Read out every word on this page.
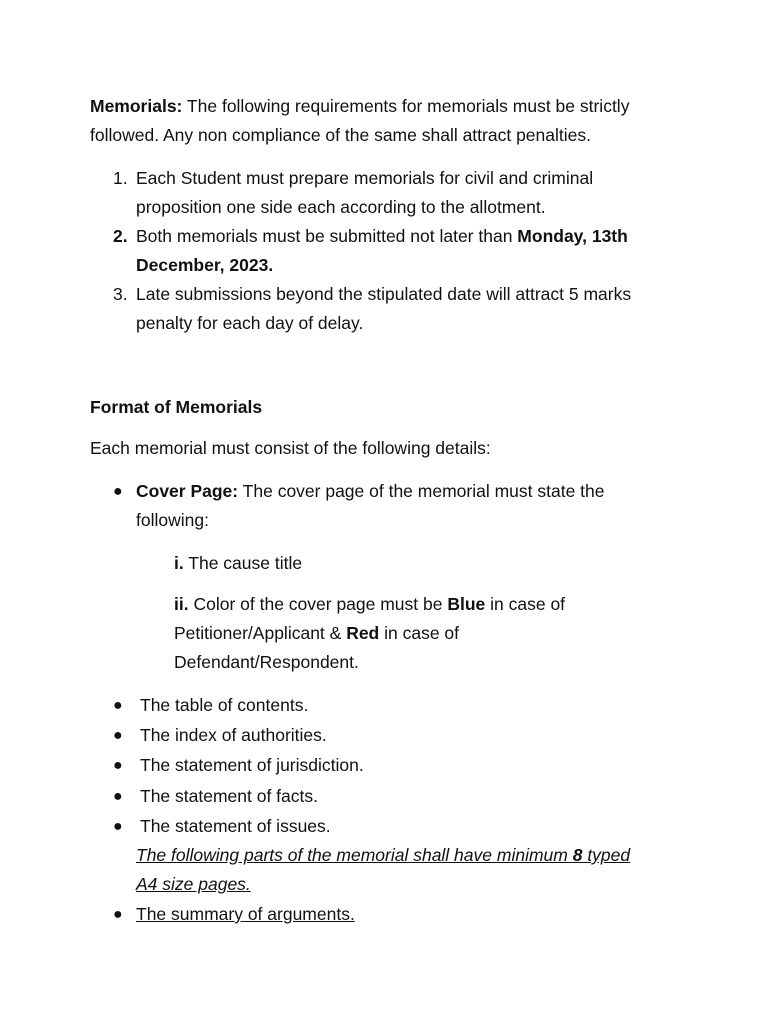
Memorials: The following requirements for memorials must be strictly
followed. Any non compliance of the same shall attract penalties.
1. Each Student must prepare memorials for civil and criminal
proposition one side each according to the allotment.
2. Both memorials must be submitted not later than Monday, 13th
December, 2023.
3. Late submissions beyond the stipulated date will attract 5 marks
penalty for each day of delay.
Format of Memorials
Each memorial must consist of the following details:
● Cover Page: The cover page of the memorial must state the
following:
i. The cause title
ii. Color of the cover page must be Blue in case of
Petitioner/Applicant & Red in case of
Defendant/Respondent.
● The table of contents.
● The index of authorities.
● The statement of jurisdiction.
● The statement of facts.
● The statement of issues.
The following parts of the memorial shall have minimum 8 typed
A4 size pages.
● The summary of arguments.
